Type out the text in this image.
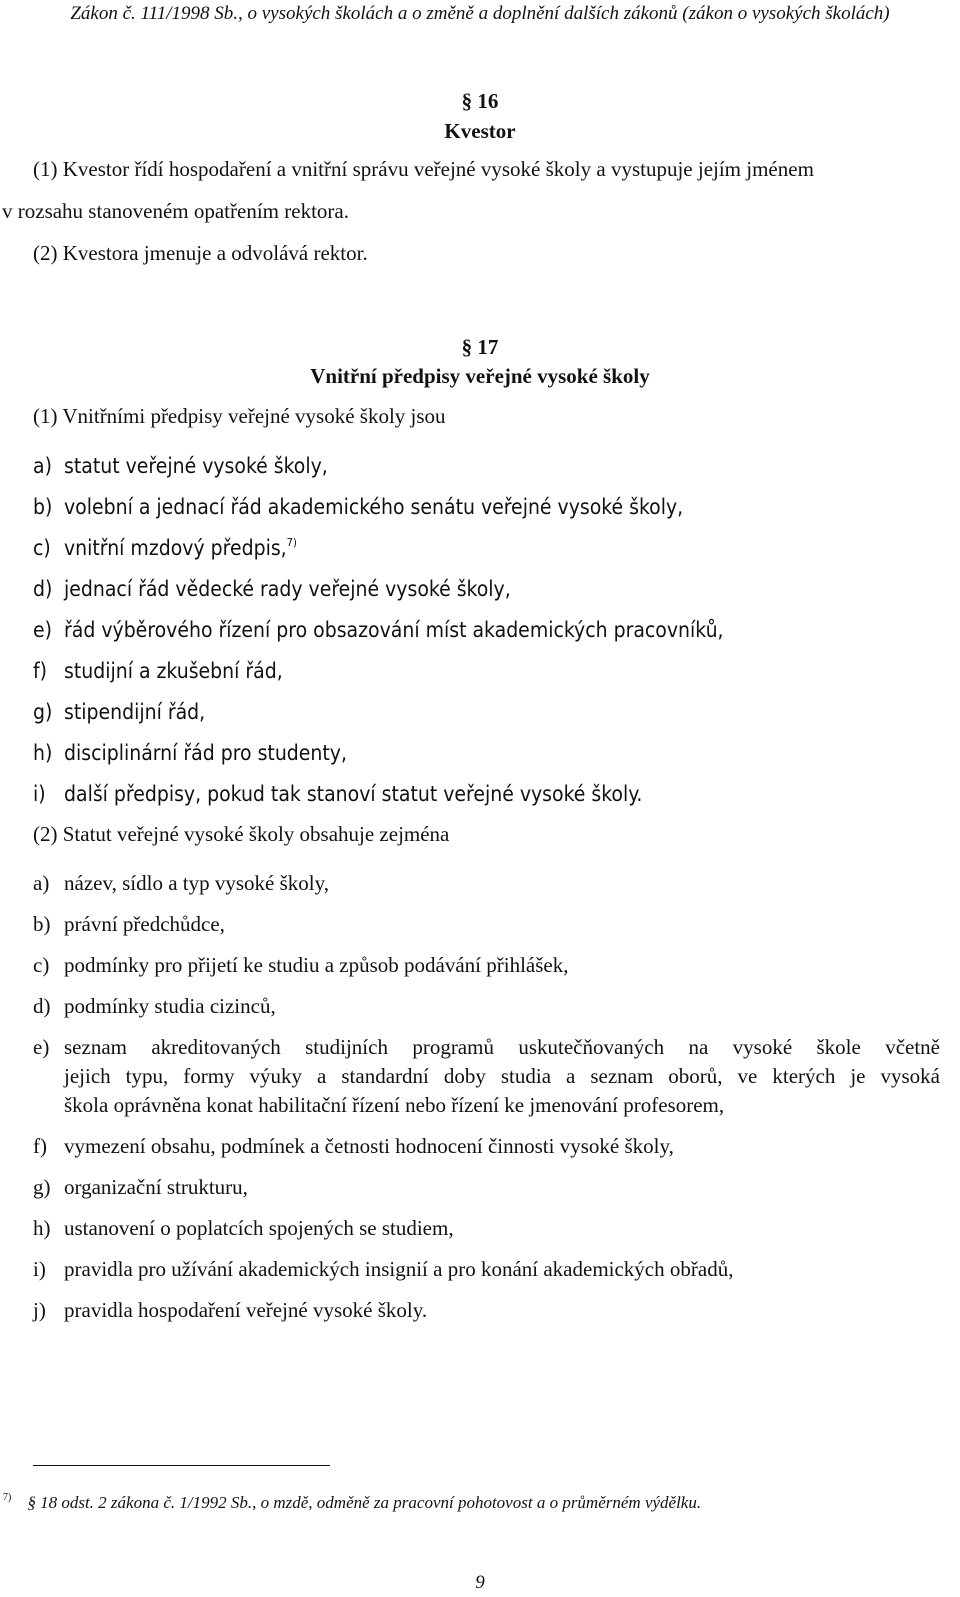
Zákon č. 111/1998 Sb., o vysokých školách a o změně a doplnění dalších zákonů (zákon o vysokých školách)
§ 16
Kvestor
(1) Kvestor řídí hospodaření a vnitřní správu veřejné vysoké školy a vystupuje jejím jménem
v rozsahu stanoveném opatřením rektora.
(2) Kvestora jmenuje a odvolává rektor.
§ 17
Vnitřní předpisy veřejné vysoké školy
(1) Vnitřními předpisy veřejné vysoké školy jsou
a) statut veřejné vysoké školy,
b) volební a jednací řád akademického senátu veřejné vysoké školy,
c) vnitřní mzdový předpis,$^{7)}$
d) jednací řád vědecké rady veřejné vysoké školy,
e) řád výběrového řízení pro obsazování míst akademických pracovníků,
f) studijní a zkušební řád,
g) stipendijní řád,
h) disciplinární řád pro studenty,
i) další předpisy, pokud tak stanoví statut veřejné vysoké školy.
(2) Statut veřejné vysoké školy obsahuje zejména
a) název, sídlo a typ vysoké školy,
b) právní předchůdce,
c) podmínky pro přijetí ke studiu a způsob podávání přihlášek,
d) podmínky studia cizinců,
e) seznam akreditovaných studijních programů uskutečňovaných na vysoké škole včetně
jejich typu, formy výuky a standardní doby studia a seznam oborů, ve kterých je vysoká
škola oprávněna konat habilitační řízení nebo řízení ke jmenování profesorem,
f) vymezení obsahu, podmínek a četnosti hodnocení činnosti vysoké školy,
g) organizační strukturu,
h) ustanovení o poplatcích spojených se studiem,
i) pravidla pro užívání akademických insignií a pro konání akademických obřadů,
j) pravidla hospodaření veřejné vysoké školy.
$^{7)}$ § 18 odst. 2 zákona č. 1/1992 Sb., o mzdě, odměně za pracovní pohotovost a o průměrném výdělku.
9
